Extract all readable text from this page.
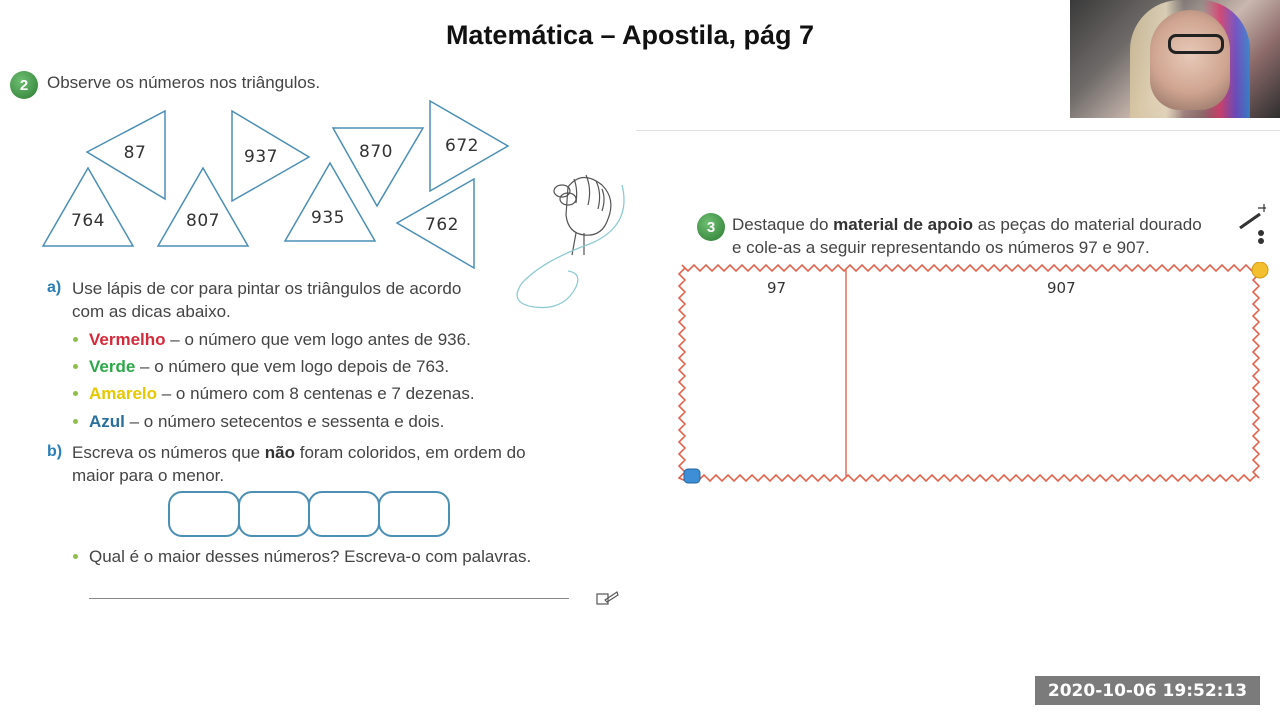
Matemática – Apostila, pág 7
2	Observe os números nos triângulos.
87	937	870	672
764	807	935	762
a) Use lápis de cor para pintar os triângulos de acordo
com as dicas abaixo.
Vermelho – o número que vem logo antes de 936.
Verde – o número que vem logo depois de 763.
Amarelo – o número com 8 centenas e 7 dezenas.
Azul – o número setecentos e sessenta e dois.
b) Escreva os números que não foram coloridos, em ordem do
maior para o menor.
Qual é o maior desses números? Escreva-o com palavras.
3 Destaque do material de apoio as peças do material dourado
e cole-as a seguir representando os números 97 e 907.
97	907
2020-10-06 19:52:13
